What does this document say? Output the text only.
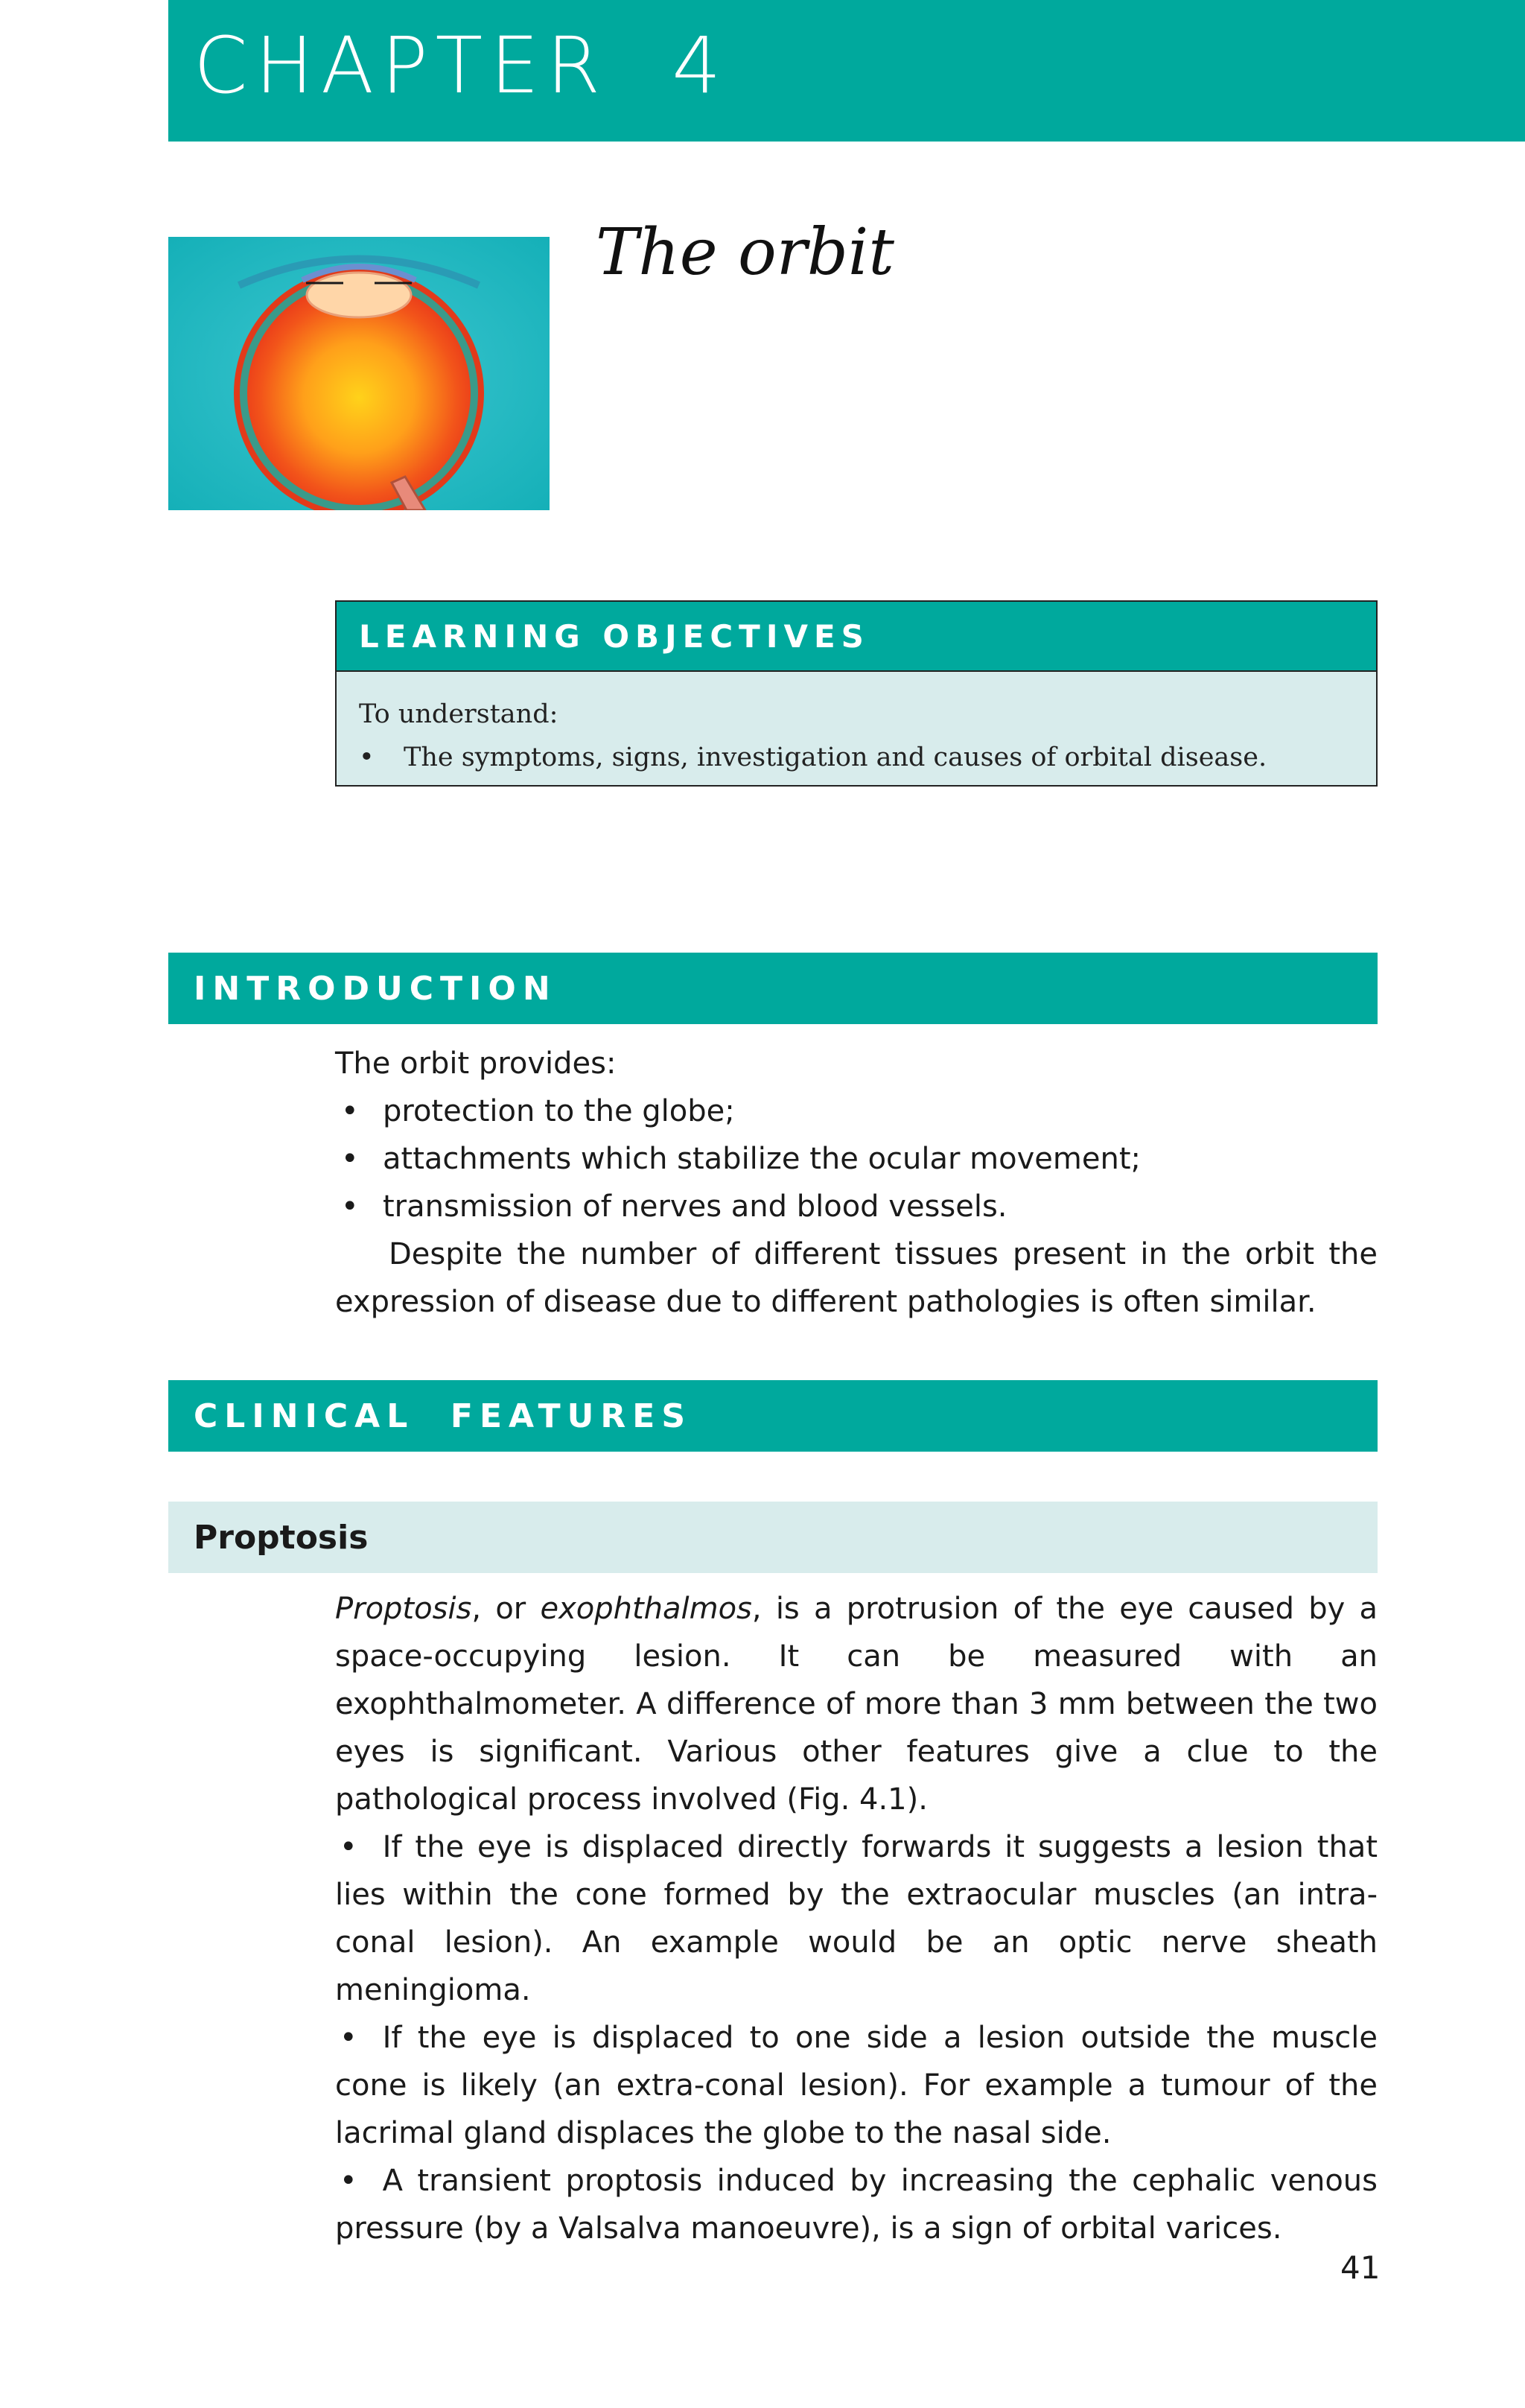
CHAPTER  4
The orbit
LEARNING OBJECTIVES
To understand:
•	The symptoms, signs, investigation and causes of orbital disease.
INTRODUCTION
The orbit provides:
• protection to the globe;
• attachments which stabilize the ocular movement;
• transmission of nerves and blood vessels.
Despite the number of different tissues present in the orbit the expression of disease due to different pathologies is often similar.
CLINICAL  FEATURES
Proptosis

Proptosis, or exophthalmos, is a protrusion of the eye caused by a space-occupying lesion. It can be measured with an exophthalmometer. A difference of more than 3 mm between the two eyes is significant. Various other features give a clue to the pathological process involved (Fig. 4.1).

• If the eye is displaced directly forwards it suggests a lesion that lies within the cone formed by the extraocular muscles (an intra-conal lesion). An example would be an optic nerve sheath meningioma.

• If the eye is displaced to one side a lesion outside the muscle cone is likely (an extra-conal lesion). For example a tumour of the lacrimal gland displaces the globe to the nasal side.

• A transient proptosis induced by increasing the cephalic venous pressure (by a Valsalva manoeuvre), is a sign of orbital varices.

41
